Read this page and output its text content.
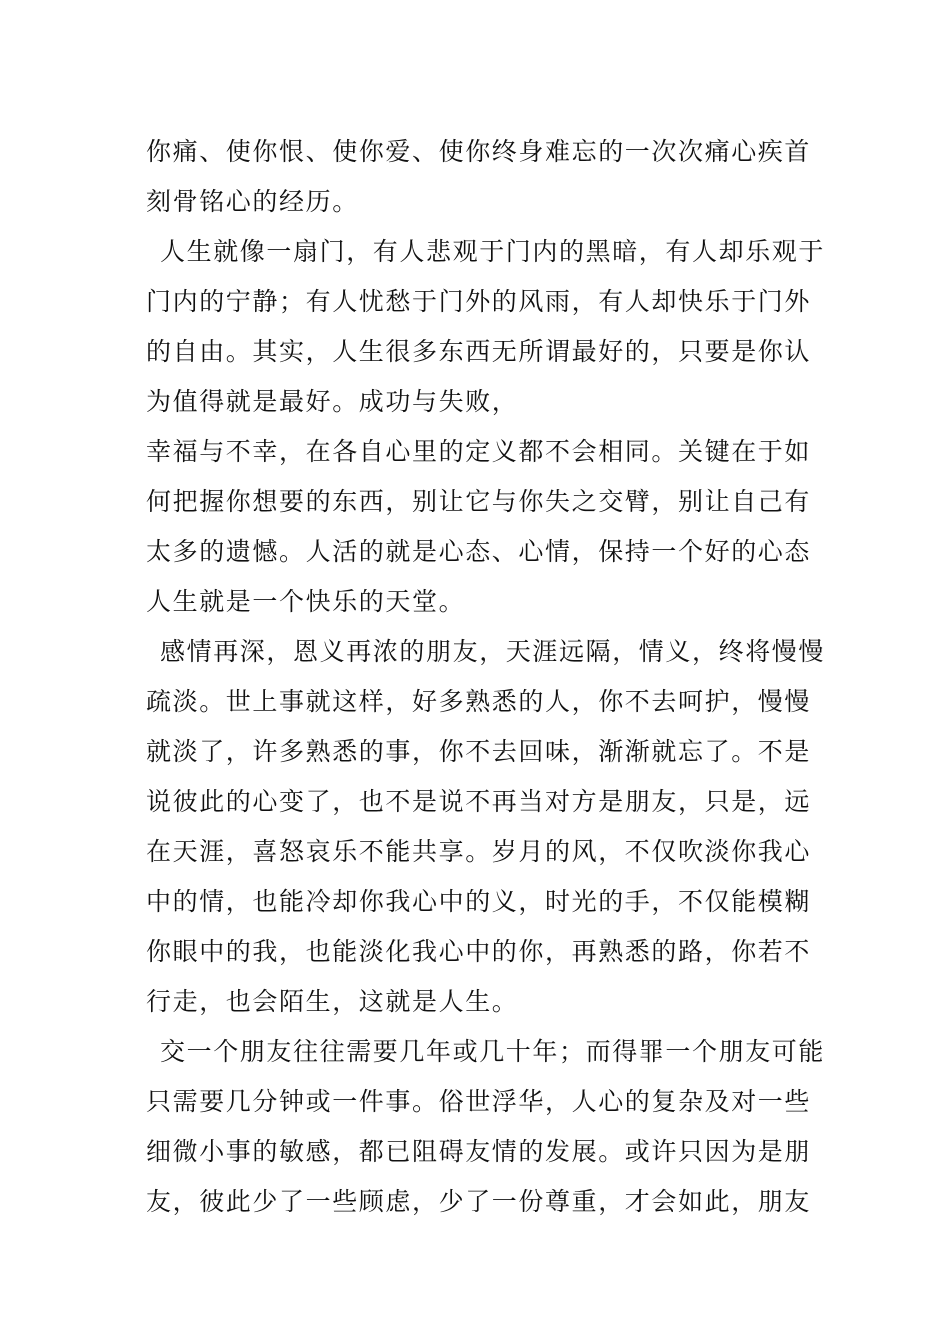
你痛、使你恨、使你爱、使你终身难忘的一次次痛心疾首
刻骨铭心的经历。
人生就像一扇门，有人悲观于门内的黑暗，有人却乐观于
门内的宁静；有人忧愁于门外的风雨，有人却快乐于门外
的自由。其实，人生很多东西无所谓最好的，只要是你认
为值得就是最好。成功与失败，
幸福与不幸，在各自心里的定义都不会相同。关键在于如
何把握你想要的东西，别让它与你失之交臂，别让自己有
太多的遗憾。人活的就是心态、心情，保持一个好的心态
人生就是一个快乐的天堂。
感情再深，恩义再浓的朋友，天涯远隔，情义，终将慢慢
疏淡。世上事就这样，好多熟悉的人，你不去呵护，慢慢
就淡了，许多熟悉的事，你不去回味，渐渐就忘了。不是
说彼此的心变了，也不是说不再当对方是朋友，只是，远
在天涯，喜怒哀乐不能共享。岁月的风，不仅吹淡你我心
中的情，也能冷却你我心中的义，时光的手，不仅能模糊
你眼中的我，也能淡化我心中的你，再熟悉的路，你若不
行走，也会陌生，这就是人生。
交一个朋友往往需要几年或几十年；而得罪一个朋友可能
只需要几分钟或一件事。俗世浮华，人心的复杂及对一些
细微小事的敏感，都已阻碍友情的发展。或许只因为是朋
友，彼此少了一些顾虑，少了一份尊重，才会如此，朋友
